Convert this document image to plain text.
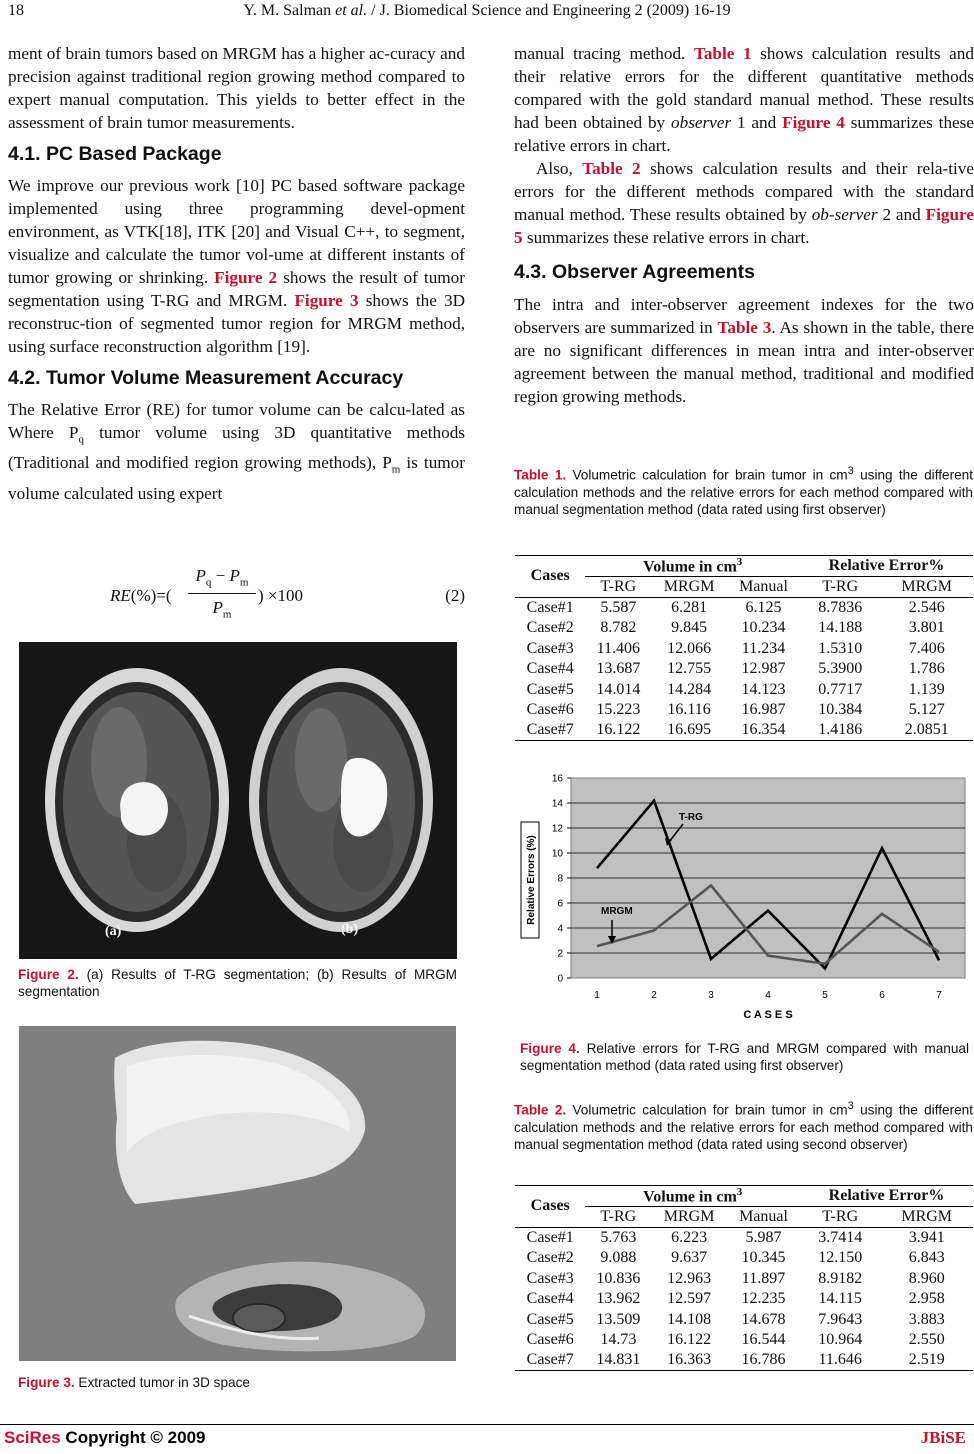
18	Y. M. Salman et al. / J. Biomedical Science and Engineering 2 (2009) 16-19

ment of brain tumors based on MRGM has a higher ac-curacy and precision against traditional region growing method compared to expert manual computation. This yields to better effect in the assessment of brain tumor measurements.

4.1. PC Based Package

We improve our previous work [10] PC based software package implemented using three programming devel-opment environment, as VTK[18], ITK [20] and Visual C++, to segment, visualize and calculate the tumor vol-ume at different instants of tumor growing or shrinking. Figure 2 shows the result of tumor segmentation using T-RG and MRGM. Figure 3 shows the 3D reconstruc-tion of segmented tumor region for MRGM method, using surface reconstruction algorithm [19].

4.2. Tumor Volume Measurement Accuracy

The Relative Error (RE) for tumor volume can be calcu-lated as Where $P_q$ tumor volume using 3D quantitative methods (Traditional and modified region growing methods), $P_m$ is tumor volume calculated using expert

RE(%)=(
$P_q - P_m$
$P_m$
) ×100	(2)
(a)	(b)

Figure 2. (a) Results of T-RG segmentation; (b) Results of MRGM segmentation

Figure 3. Extracted tumor in 3D space

manual tracing method. Table 1 shows calculation results and their relative errors for the different quantitative methods compared with the gold standard manual method. These results had been obtained by observer 1 and Figure 4 summarizes these relative errors in chart.

Also, Table 2 shows calculation results and their rela-tive errors for the different methods compared with the standard manual method. These results obtained by ob-server 2 and Figure 5 summarizes these relative errors in chart.

4.3. Observer Agreements

The intra and inter-observer agreement indexes for the two observers are summarized in Table 3. As shown in the table, there are no significant differences in mean intra and inter-observer agreement between the manual method, traditional and modified region growing methods.

Table 1. Volumetric calculation for brain tumor in $cm^3$ using the different calculation methods and the relative errors for each method compared with manual segmentation method (data rated using first observer)

Cases	Volume in $cm^3$			Relative Error%	
	T-RG	MRGM	Manual	T-RG	MRGM
Case#1	5.587	6.281	6.125	8.7836	2.546
Case#2	8.782	9.845	10.234	14.188	3.801
Case#3	11.406	12.066	11.234	1.5310	7.406
Case#4	13.687	12.755	12.987	5.3900	1.786
Case#5	14.014	14.284	14.123	0.7717	1.139
Case#6	15.223	16.116	16.987	10.384	5.127
Case#7	16.122	16.695	16.354	1.4186	2.0851
0
2
4
6
8
10
12
14
16
1	2	3	4	5	6	7
Relative Errors (%)
C A S E S
T-RG
MRGM

Figure 4. Relative errors for T-RG and MRGM compared with manual segmentation method (data rated using first observer)

Table 2. Volumetric calculation for brain tumor in $cm^3$ using the different calculation methods and the relative errors for each method compared with manual segmentation method (data rated using second observer)

Cases	Volume in $cm^3$			Relative Error%	
	T-RG	MRGM	Manual	T-RG	MRGM
Case#1	5.763	6.223	5.987	3.7414	3.941
Case#2	9.088	9.637	10.345	12.150	6.843
Case#3	10.836	12.963	11.897	8.9182	8.960
Case#4	13.962	12.597	12.235	14.115	2.958
Case#5	13.509	14.108	14.678	7.9643	3.883
Case#6	14.73	16.122	16.544	10.964	2.550
Case#7	14.831	16.363	16.786	11.646	2.519
SciRes Copyright © 2009	JBiSE
